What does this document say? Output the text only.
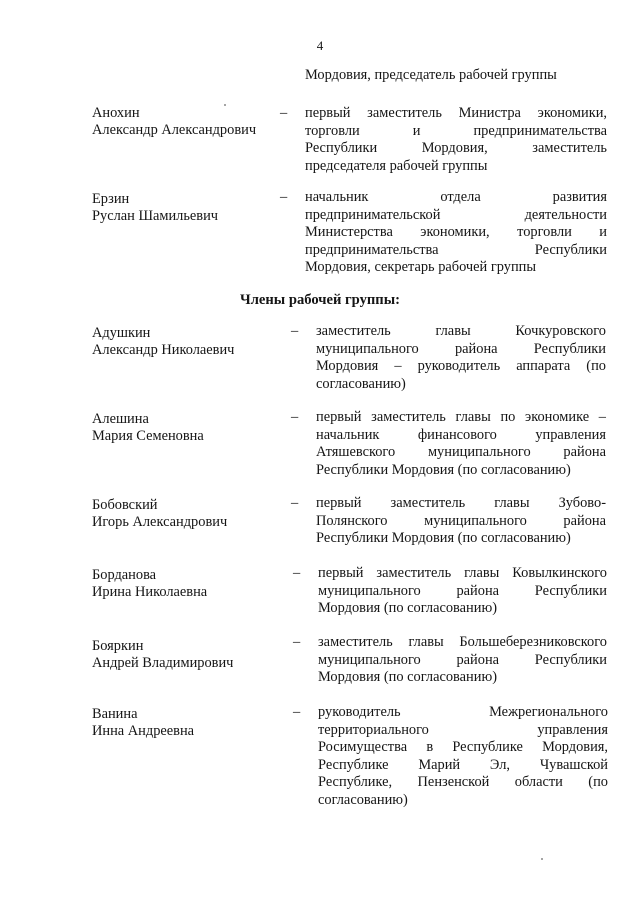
4
Мордовия, председатель рабочей группы
Анохин
Александр Александрович
– первый заместитель Министра экономики,
торговли и предпринимательства
Республики Мордовия, заместитель
председателя рабочей группы
Ерзин
Руслан Шамильевич
– начальник отдела развития
предпринимательской деятельности
Министерства экономики, торговли и
предпринимательства Республики
Мордовия, секретарь рабочей группы
Члены рабочей группы:
Адушкин
Александр Николаевич
– заместитель главы Кочкуровского
муниципального района Республики
Мордовия – руководитель аппарата (по
согласованию)
Алешина
Мария Семеновна
– первый заместитель главы по экономике –
начальник финансового управления
Атяшевского муниципального района
Республики Мордовия (по согласованию)
Бобовский
Игорь Александрович
– первый заместитель главы Зубово-
Полянского муниципального района
Республики Мордовия (по согласованию)
Борданова
Ирина Николаевна
– первый заместитель главы Ковылкинского
муниципального района Республики
Мордовия (по согласованию)
Бояркин
Андрей Владимирович
– заместитель главы Большеберезниковского
муниципального района Республики
Мордовия (по согласованию)
Ванина
Инна Андреевна
– руководитель Межрегионального
территориального управления
Росимущества в Республике Мордовия,
Республике Марий Эл, Чувашской
Республике, Пензенской области (по
согласованию)
